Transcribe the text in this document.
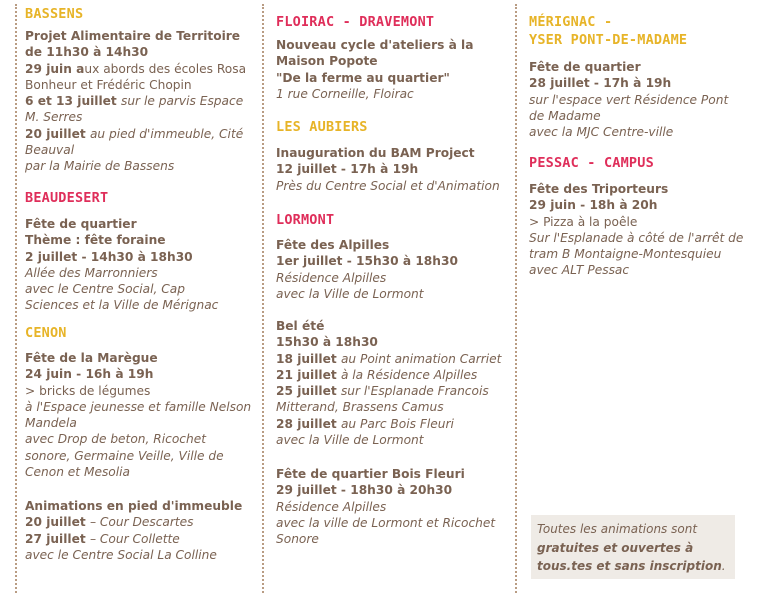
BASSENS
Projet Alimentaire de Territoire
de 11h30 à 14h30
29 juin aux abords des écoles Rosa
Bonheur et Frédéric Chopin
6 et 13 juillet sur le parvis Espace
M. Serres
20 juillet au pied d'immeuble, Cité
Beauval
par la Mairie de Bassens
BEAUDESERT
Fête de quartier
Thème : fête foraine
2 juillet - 14h30 à 18h30
Allée des Marronniers
avec le Centre Social, Cap
Sciences et la Ville de Mérignac
CENON
Fête de la Marègue
24 juin - 16h à 19h
> bricks de légumes
à l'Espace jeunesse et famille Nelson
Mandela
avec Drop de beton, Ricochet
sonore, Germaine Veille, Ville de
Cenon et Mesolia
Animations en pied d'immeuble
20 juillet – Cour Descartes
27 juillet – Cour Collette
avec le Centre Social La Colline
FLOIRAC - DRAVEMONT
Nouveau cycle d'ateliers à la
Maison Popote
"De la ferme au quartier"
1 rue Corneille, Floirac
LES AUBIERS
Inauguration du BAM Project
12 juillet - 17h à 19h
Près du Centre Social et d'Animation
LORMONT
Fête des Alpilles
1er juillet - 15h30 à 18h30
Résidence Alpilles
avec la Ville de Lormont
Bel été
15h30 à 18h30
18 juillet au Point animation Carriet
21 juillet à la Résidence Alpilles
25 juillet sur l'Esplanade Francois
Mitterand, Brassens Camus
28 juillet au Parc Bois Fleuri
avec la Ville de Lormont
Fête de quartier Bois Fleuri
29 juillet - 18h30 à 20h30
Résidence Alpilles
avec la ville de Lormont et Ricochet
Sonore
MÉRIGNAC -
YSER PONT-DE-MADAME
Fête de quartier
28 juillet - 17h à 19h
sur l'espace vert Résidence Pont
de Madame
avec la MJC Centre-ville
PESSAC - CAMPUS
Fête des Triporteurs
29 juin - 18h à 20h
> Pizza à la poêle
Sur l'Esplanade à côté de l'arrêt de
tram B Montaigne-Montesquieu
avec ALT Pessac
Toutes les animations sont
gratuites et ouvertes à
tous.tes et sans inscription.
